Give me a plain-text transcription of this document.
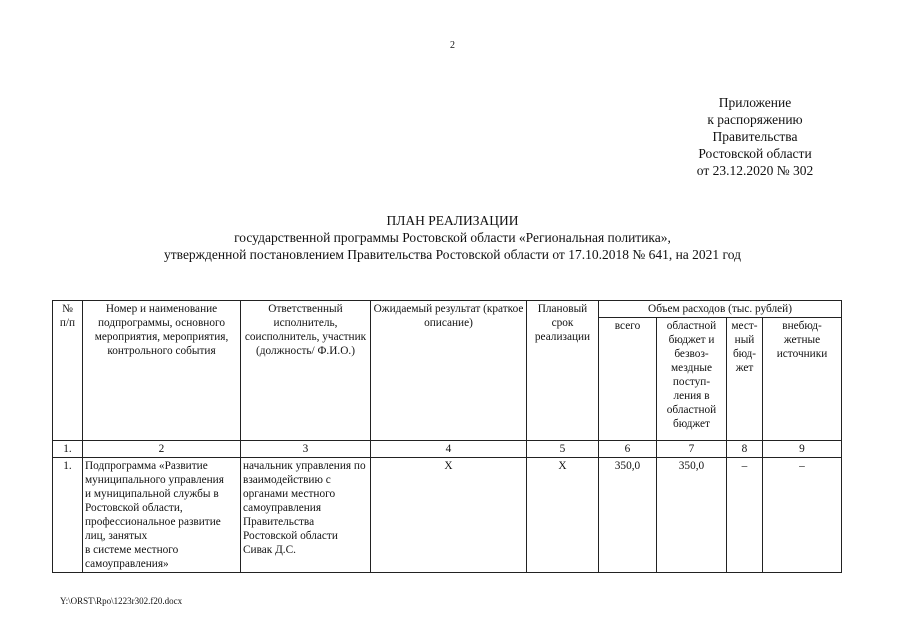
2
Приложение
к распоряжению
Правительства
Ростовской области
от 23.12.2020 № 302
ПЛАН РЕАЛИЗАЦИИ
государственной программы Ростовской области «Региональная политика»,
утвержденной постановлением Правительства Ростовской области от 17.10.2018 № 641, на 2021 год
№
п/п	Номер и наименование подпрограммы, основного мероприятия, мероприятия, контрольного события	Ответственный исполнитель, соисполнитель, участник (должность/ Ф.И.О.)	Ожидаемый результат (краткое описание)	Плановый срок реализации	Объем расходов (тыс. рублей)			
					всего	областной бюджет и безвоз-мездные поступ-ления в областной бюджет	мест-ный бюд-жет	внебюд-жетные источники
1.	2	3	4	5	6	7	8	9
1.	Подпрограмма «Развитие муниципального управления
и муниципальной службы в Ростовской области, профессиональное развитие лиц, занятых
в системе местного самоуправления»	начальник управления по взаимодействию с органами местного самоуправления Правительства Ростовской области Сивак Д.С.	Х	Х	350,0	350,0	–	–
Y:\ORST\Rpo\1223r302.f20.docx
